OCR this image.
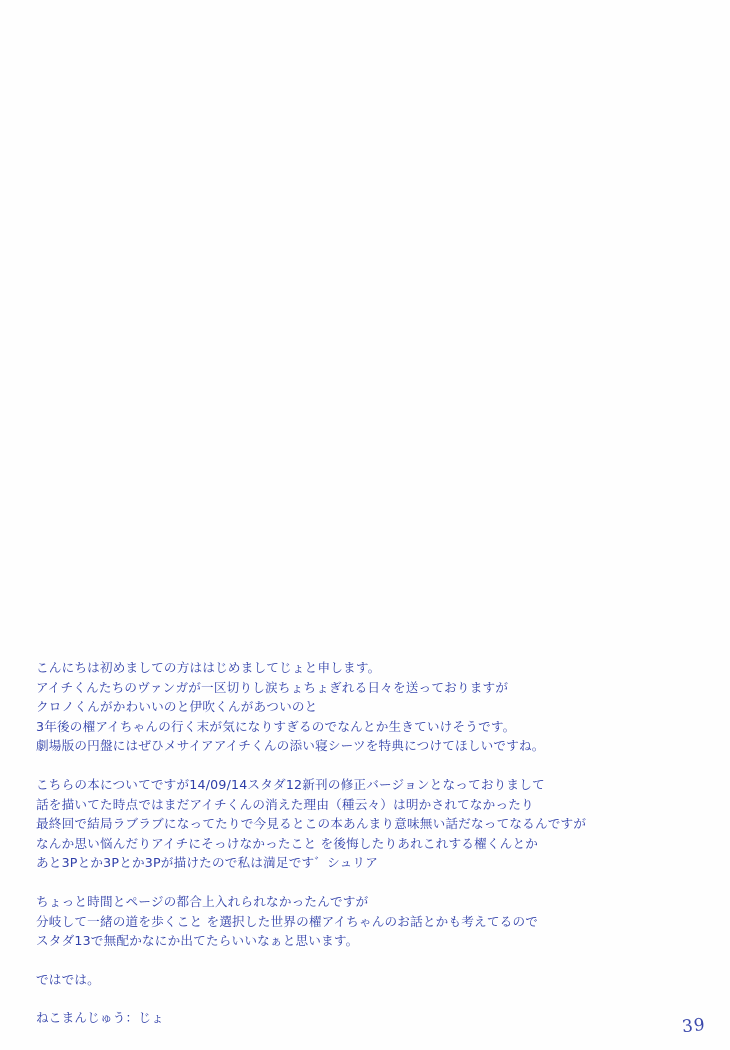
こんにちは初めましての方ははじめましてじょと申します。
アイチくんたちのヴァンガが一区切りし涙ちょちょぎれる日々を送っておりますが
クロノくんがかわいいのと伊吹くんがあついのと
3年後の櫂アイちゃんの行く末が気になりすぎるのでなんとか生きていけそうです。
劇場版の円盤にはぜひメサイアアイチくんの添い寝シーツを特典につけてほしいですね。

こちらの本についてですが14/09/14スタダ12新刊の修正バージョンとなっておりまして
話を描いてた時点ではまだアイチくんの消えた理由（種云々）は明かされてなかったり
最終回で結局ラブラブになってたりで今見るとこの本あんまり意味無い話だなってなるんですが
なんか思い悩んだりアイチにそっけなかったこと を後悔したりあれこれする櫂くんとか
あと3Pとか3Pとか3Pが描けたので私は満足です゛シュリア

ちょっと時間とページの都合上入れられなかったんですが
分岐して一緒の道を歩くこと を選択した世界の櫂アイちゃんのお話とかも考えてるので
スタダ13で無配かなにか出てたらいいなぁと思います。

ではでは。

ねこまんじゅう：じょ	39
